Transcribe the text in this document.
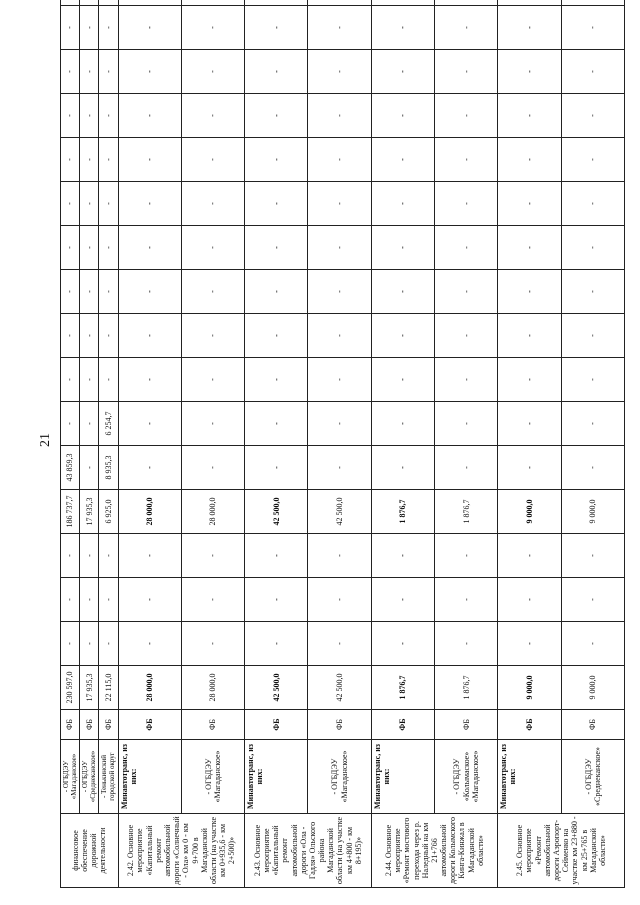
21
финансовое обеспечение дорожной деятельности	- ОГБДЭУ «Магаданское»	ФБ	230 597,0	-	-	-	186 737,7	43 859,3	-	-	-	-	-	-	-	-	-	-	
	- ОГБДЭУ «Среднеканское»	ФБ	17 935,3	-	-	-	17 935,3	-	-	-	-	-	-	-	-	-	-	-	
	- Тенькинский городской округ	ФБ	22 115,0	-	-	-	6 925,0	8 935,3	6 254,7	-	-	-	-	-	-	-	-	-	
2.42. Основное мероприятие «Капитальный ремонт автомобильной дороги «Солнечный - Ола» км 0 - км 9+700 в Магаданской области (на участке км 0+935,6 - км 2+500)»	Минавтотранс, из них:	ФБ	28 000,0	-	-	-	28 000,0	-	-	-	-	-	-	-	-	-	-	-	
	- ОГБДЭУ «Магаданское»	ФБ	28 000,0	-	-	-	28 000,0	-	-	-	-	-	-	-	-	-	-	-	
2.43. Основное мероприятие «Капитальный ремонт автомобильной дороги «Ола - Гадля» Ольского района Магаданской области (на участке км 4+800 - км 8+195)»	Минавтотранс, из них:	ФБ	42 500,0	-	-	-	42 500,0	-	-	-	-	-	-	-	-	-	-	-	
	- ОГБДЭУ «Магаданское»	ФБ	42 500,0	-	-	-	42 500,0	-	-	-	-	-	-	-	-	-	-	-	
2.44. Основное мероприятие «Ремонт мостового перехода через р. Наледный на км 21+766 автомобильной дороги Колымского Кинга-Кинжал в Магаданской области»	Минавтотранс, из них:	ФБ	1 876,7	-	-	-	1 876,7	-	-	-	-	-	-	-	-	-	-	-	
	- ОГБДЭУ «Колымаское» «Магаданское»	ФБ	1 876,7	-	-	-	1 876,7	-	-	-	-	-	-	-	-	-	-	-	
2.45. Основное мероприятие «Ремонт автомобильной дороги Аэропорт-Сейменко на участке км 23+880 - км 25+765 в Магаданской области»	Минавтотранс, из них:	ФБ	9 000,0	-	-	-	9 000,0	-	-	-	-	-	-	-	-	-	-	-	
	- ОГБДЭУ «Среднеканское»	ФБ	9 000,0	-	-	-	9 000,0	-	-	-	-	-	-	-	-	-	-	-	
